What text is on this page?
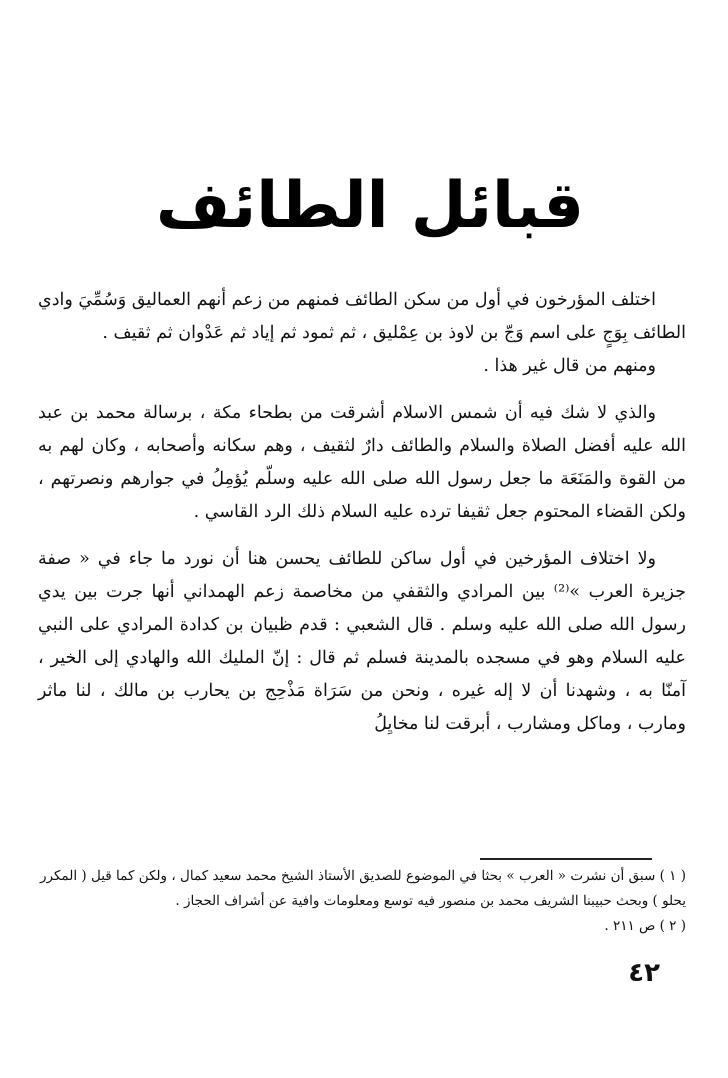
قبائل الطائف

اختلف المؤرخون في أول من سكن الطائف فمنهم من زعم أنهم العماليق وَسُمِّيَ وادي الطائف بِوَجٍ على اسم وَجّ بن لاوذ بن عِمْليق ، ثم ثمود ثم إياد ثم عَدْوان ثم ثقيف .

ومنهم من قال غير هذا .

والذي لا شك فيه أن شمس الاسلام أشرقت من بطحاء مكة ، برسالة محمد بن عبد الله عليه أفضل الصلاة والسلام والطائف دارٌ لثقيف ، وهم سكانه وأصحابه ، وكان لهم به من القوة والمَنَعَة ما جعل رسول الله صلى الله عليه وسلّم يُؤمِلُ في جوارهم ونصرتهم ، ولكن القضاء المحتوم جعل ثقيفا ترده عليه السلام ذلك الرد القاسي .

ولا اختلاف المؤرخين في أول ساكن للطائف يحسن هنا أن نورد ما جاء في « صفة جزيرة العرب »⁽²⁾ بين المرادي والثقفي من مخاصمة زعم الهمداني أنها جرت بين يدي رسول الله صلى الله عليه وسلم . قال الشعبي : قدم ظبيان بن كدادة المرادي على النبي عليه السلام وهو في مسجده بالمدينة فسلم ثم قال : إنّ المليك الله والهادي إلى الخير ، آمنّا به ، وشهدنا أن لا إله غيره ، ونحن من سَرَاة مَذْحِج بن يحارب بن مالك ، لنا ماثر ومارب ، وماكل ومشارب ، أبرقت لنا مخايِلُ

( ١ ) سبق أن نشرت « العرب » بحثا في الموضوع للصديق الأستاذ الشيخ محمد سعيد كمال ، ولكن كما قيل ( المكرر يحلو ) وبحث حبيبنا الشريف محمد بن منصور فيه توسع ومعلومات وافية عن أشراف الحجاز .

( ٢ ) ص ٢١١ .

٤٢
